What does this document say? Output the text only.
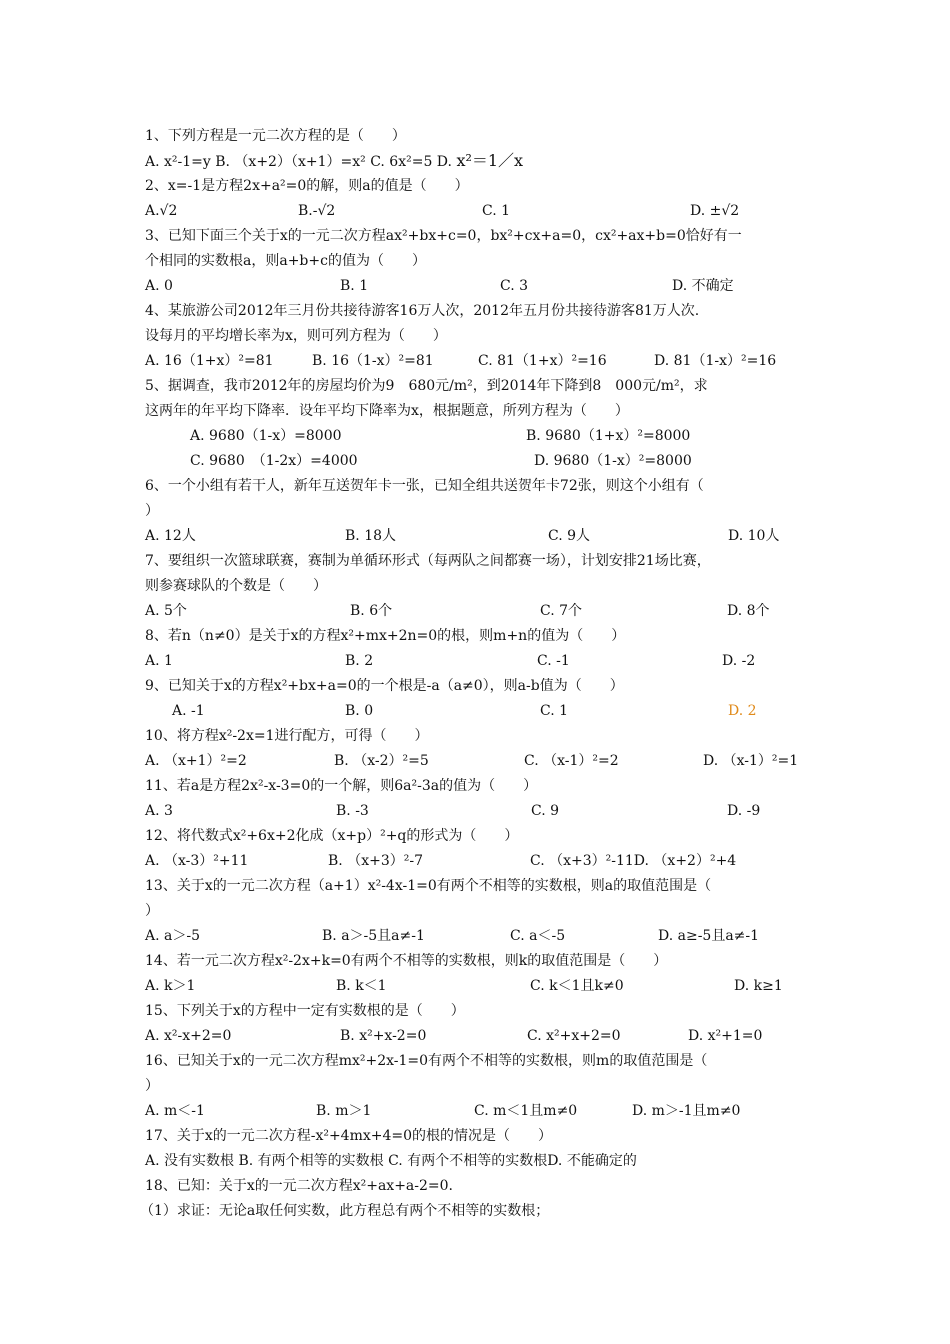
1、下列方程是一元二次方程的是（　　）
A. x²-1=y B. （x+2）（x+1）=x² C. 6x²=5 D. x²＝1／x
2、x=-1是方程2x+a²=0的解，则a的值是（　　）
A.√2	B.-√2	C. 1	D. ±√2
3、已知下面三个关于x的一元二次方程ax²+bx+c=0，bx²+cx+a=0，cx²+ax+b=0恰好有一
个相同的实数根a，则a+b+c的值为（　　）
A. 0	B. 1	C. 3	D. 不确定
4、某旅游公司2012年三月份共接待游客16万人次，2012年五月份共接待游客81万人次.
设每月的平均增长率为x，则可列方程为（　　）
A. 16（1+x）²=81	B. 16（1-x）²=81	C. 81（1+x）²=16	D. 81（1-x）²=16
5、据调查，我市2012年的房屋均价为9　680元/m²，到2014年下降到8　000元/m²，求
这两年的年平均下降率．设年平均下降率为x，根据题意，所列方程为（　　）
A. 9680（1-x）=8000	B. 9680（1+x）²=8000
C. 9680　（1-2x）=4000	D. 9680（1-x）²=8000
6、一个小组有若干人，新年互送贺年卡一张，已知全组共送贺年卡72张，则这个小组有（
）
A. 12人	B. 18人	C. 9人	D. 10人
7、要组织一次篮球联赛，赛制为单循环形式（每两队之间都赛一场），计划安排21场比赛，
则参赛球队的个数是（　　）
A. 5个	B. 6个	C. 7个	D. 8个
8、若n（n≠0）是关于x的方程x²+mx+2n=0的根，则m+n的值为（　　）
A. 1	B. 2	C. -1	D. -2
9、已知关于x的方程x²+bx+a=0的一个根是-a（a≠0），则a-b值为（　　）
A. -1	B. 0	C. 1	D. 2
10、将方程x²-2x=1进行配方，可得（　　）
A. （x+1）²=2	B. （x-2）²=5	C. （x-1）²=2	D. （x-1）²=1
11、若a是方程2x²-x-3=0的一个解，则6a²-3a的值为（　　）
A. 3	B. -3	C. 9	D. -9
12、将代数式x²+6x+2化成（x+p）²+q的形式为（　　）
A. （x-3）²+11	B. （x+3）²-7	C. （x+3）²-11D. （x+2）²+4
13、关于x的一元二次方程（a+1）x²-4x-1=0有两个不相等的实数根，则a的取值范围是（
）
A. a＞-5	B. a＞-5且a≠-1	C. a＜-5	D. a≥-5且a≠-1
14、若一元二次方程x²-2x+k=0有两个不相等的实数根，则k的取值范围是（　　）
A. k＞1	B. k＜1	C. k＜1且k≠0	D. k≥1
15、下列关于x的方程中一定有实数根的是（　　）
A. x²-x+2=0	B. x²+x-2=0	C. x²+x+2=0	D. x²+1=0
16、已知关于x的一元二次方程mx²+2x-1=0有两个不相等的实数根，则m的取值范围是（
）
A. m＜-1	B. m＞1	C. m＜1且m≠0	D. m＞-1且m≠0
17、关于x的一元二次方程-x²+4mx+4=0的根的情况是（　　）
A. 没有实数根 B. 有两个相等的实数根 C. 有两个不相等的实数根D. 不能确定的
18、已知：关于x的一元二次方程x²+ax+a-2=0.
（1）求证：无论a取任何实数，此方程总有两个不相等的实数根；
